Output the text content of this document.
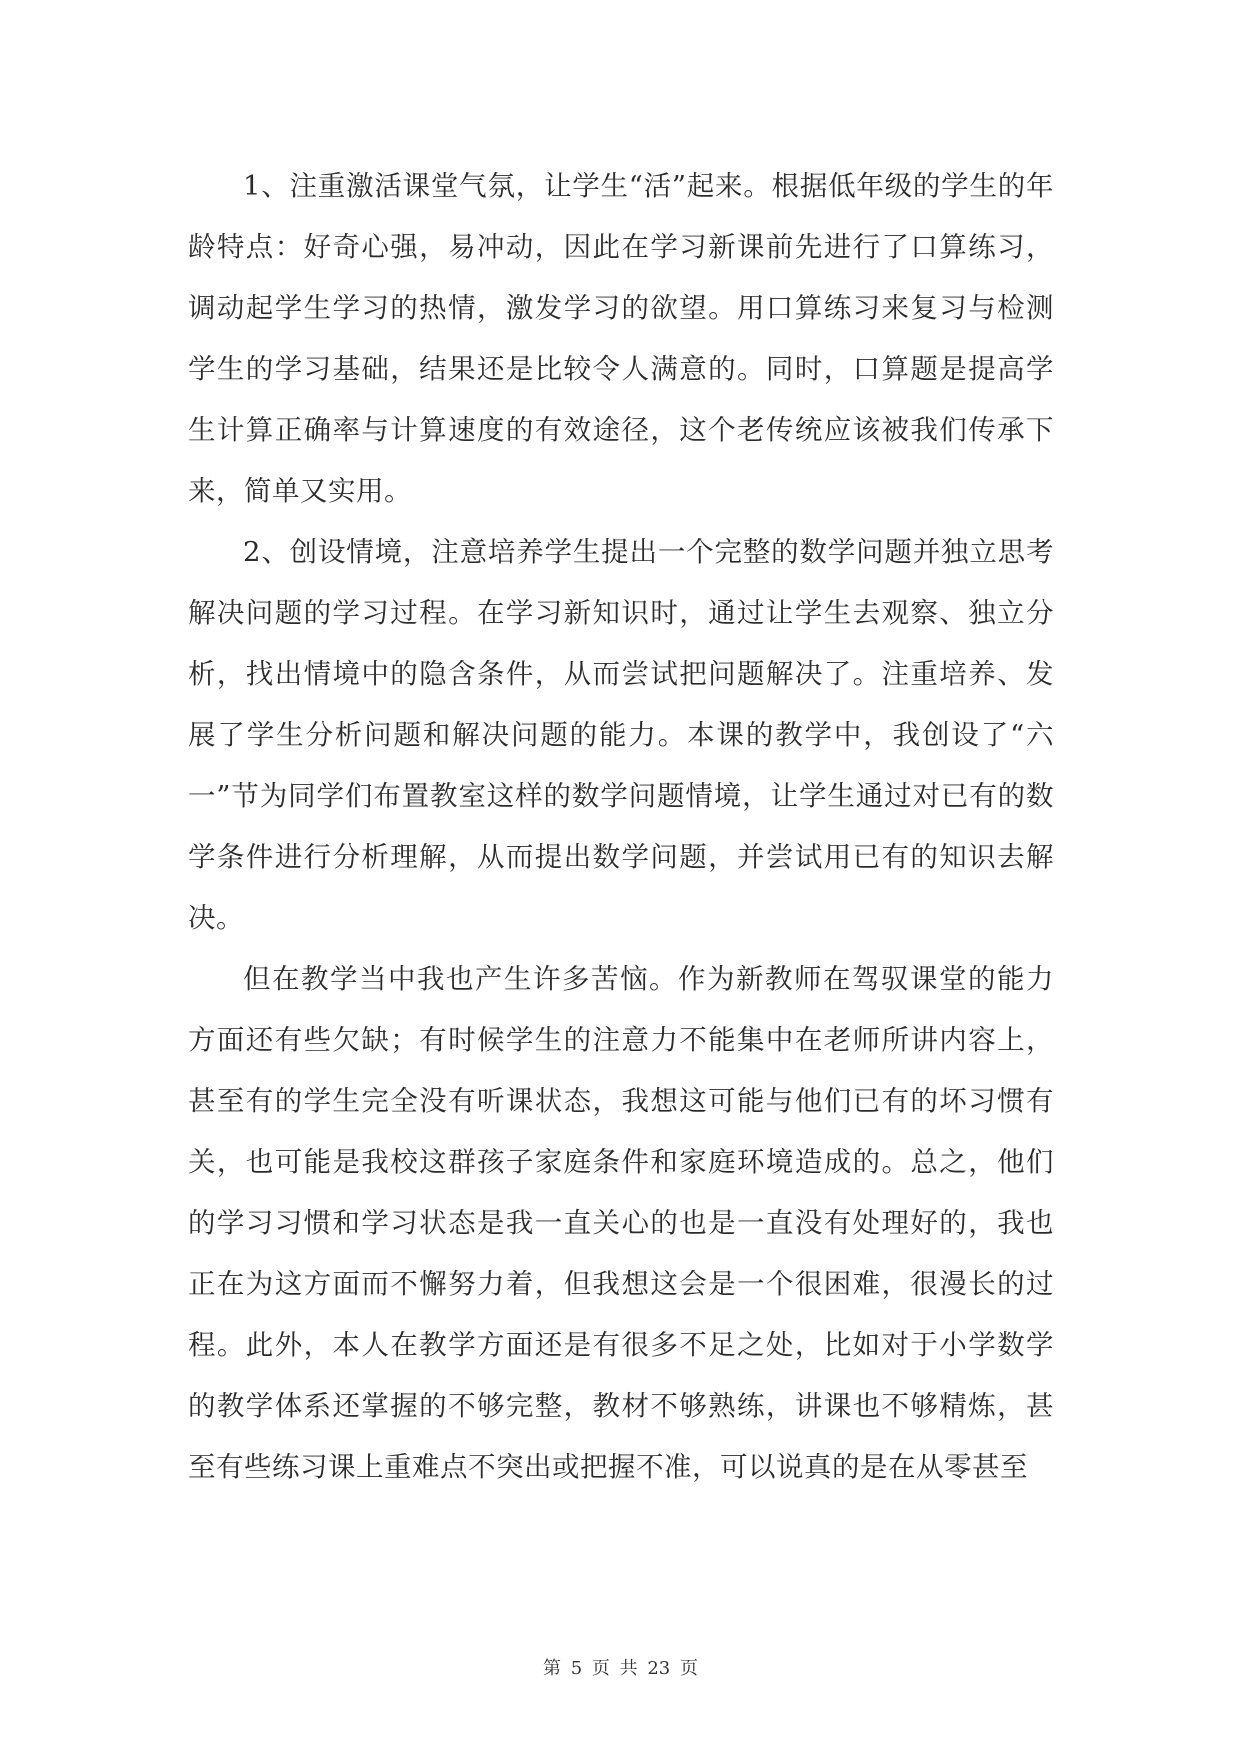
1、注重激活课堂气氛，让学生“活”起来。根据低年级的学生的年龄特点：好奇心强，易冲动，因此在学习新课前先进行了口算练习，调动起学生学习的热情，激发学习的欲望。用口算练习来复习与检测学生的学习基础，结果还是比较令人满意的。同时，口算题是提高学生计算正确率与计算速度的有效途径，这个老传统应该被我们传承下来，简单又实用。

2、创设情境，注意培养学生提出一个完整的数学问题并独立思考解决问题的学习过程。在学习新知识时，通过让学生去观察、独立分析，找出情境中的隐含条件，从而尝试把问题解决了。注重培养、发展了学生分析问题和解决问题的能力。本课的教学中，我创设了“六一”节为同学们布置教室这样的数学问题情境，让学生通过对已有的数学条件进行分析理解，从而提出数学问题，并尝试用已有的知识去解决。

但在教学当中我也产生许多苦恼。作为新教师在驾驭课堂的能力方面还有些欠缺；有时候学生的注意力不能集中在老师所讲内容上，甚至有的学生完全没有听课状态，我想这可能与他们已有的坏习惯有关，也可能是我校这群孩子家庭条件和家庭环境造成的。总之，他们的学习习惯和学习状态是我一直关心的也是一直没有处理好的，我也正在为这方面而不懈努力着，但我想这会是一个很困难，很漫长的过程。此外，本人在教学方面还是有很多不足之处，比如对于小学数学的教学体系还掌握的不够完整，教材不够熟练，讲课也不够精炼，甚至有些练习课上重难点不突出或把握不准，可以说真的是在从零甚至

第 5 页 共 23 页
